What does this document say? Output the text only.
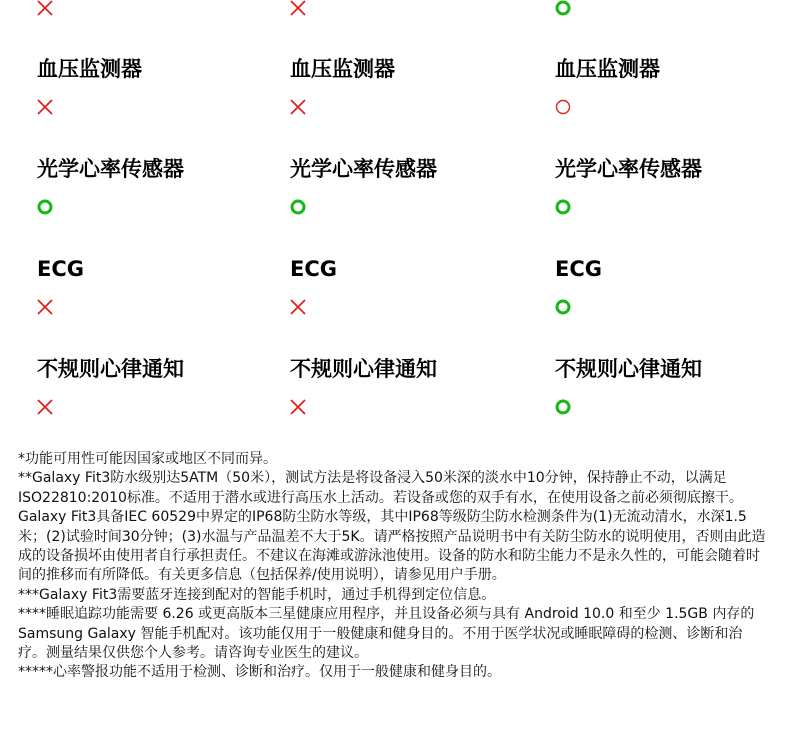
血压监测器
光学心率传感器
ECG
不规则心律通知
血压监测器
光学心率传感器
ECG
不规则心律通知
血压监测器
光学心率传感器
ECG
不规则心律通知

*功能可用性可能因国家或地区不同而异。

**Galaxy Fit3防水级别达5ATM（50米），测试方法是将设备浸入50米深的淡水中10分钟，保持静止不动，以满足ISO22810:2010标准。不适用于潜水或进行高压水上活动。若设备或您的双手有水，在使用设备之前必须彻底擦干。Galaxy Fit3具备IEC 60529中界定的IP68防尘防水等级，其中IP68等级防尘防水检测条件为(1)无流动清水，水深1.5米；(2)试验时间30分钟；(3)水温与产品温差不大于5K。请严格按照产品说明书中有关防尘防水的说明使用，否则由此造成的设备损坏由使用者自行承担责任。不建议在海滩或游泳池使用。设备的防水和防尘能力不是永久性的，可能会随着时间的推移而有所降低。有关更多信息（包括保养/使用说明），请参见用户手册。

***Galaxy Fit3需要蓝牙连接到配对的智能手机时，通过手机得到定位信息。

****睡眠追踪功能需要 6.26 或更高版本三星健康应用程序，并且设备必须与具有 Android 10.0 和至少 1.5GB 内存的 Samsung Galaxy 智能手机配对。该功能仅用于一般健康和健身目的。不用于医学状况或睡眠障碍的检测、诊断和治疗。测量结果仅供您个人参考。请咨询专业医生的建议。

*****心率警报功能不适用于检测、诊断和治疗。仅用于一般健康和健身目的。
